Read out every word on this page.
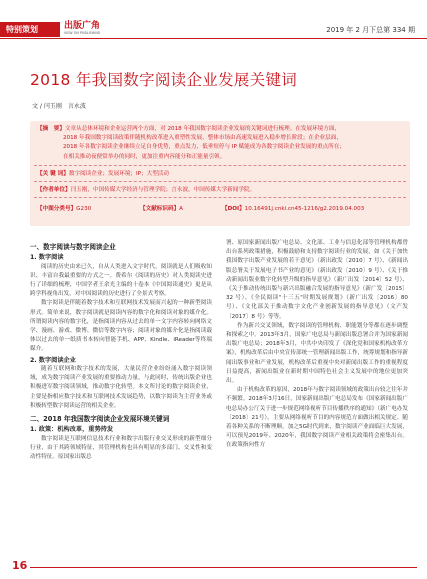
特别策划	出版广角
VIEW ON PUBLISHING	2019 年 2 月下总第 334 期
2018 年我国数字阅读企业发展关键词
文 / 闫玉刚　言永波
【摘　要】文章从总体环境和企业运营两个方面，对 2018 年我国数字阅读企业发展的关键词进行梳理。在发展环境方面，
2018 年我国数字阅读政策伴随机构改革进入重塑性发展，整体市场由高速发展进入稳步增长阶段；在企业层面，
2018 年各数字阅读企业继续立足自身优势，重点发力，低垂短停与 IP 赋能成为各数字阅读企业发展的重点所在；
在相关推动夜便常举办的同时，更加注重内容能分和正能量引领。
【关 键 词】数字阅读企业；发展环境；IP；大型活动
【作者单位】闫玉刚，中国传媒大学经济与管理学院；言永波，中国传媒大学新闻学院。
【中图分类号】G230	【文献标识码】A	【DOI】10.16491j.cnki.cn45-1216/g2.2019.04.003
一、数字阅读与数字阅读企业
1. 数字阅读

阅读的历史由来已久，自从人类进入文字时代，阅读就是人们吸收知识、丰富自我最重要的方式之一。费希尔《阅读的历史》对人类阅读史进行了详细的梳理，中国学者王余光主编的十卷本《中国阅读通史》更是从跨学科视角出发，对中国阅读的历史进行了全景式考察。

数字阅读是伴随着数字技术和互联网技术发展而兴起的一种新型阅读形式。简单来说，数字阅读就是阅读内容的数字化和阅读对象的媒介化。所谓阅读内容的数字化，是指阅读内容从过去的单一文字内容转向网络文学、漫画、游戏、微博、微信等数字内容；阅读对象的媒介化是指阅读载体以过去的单一纸质书本转向智能手机、APP、Kindle、iReader等终端媒介。

2. 数字阅读企业

随着互联网和数字技术的发展，大量民营企业纷纷涌入数字阅读领域，成为数字阅读产业发展的重要推动力量。与此同时，传统出版企业也积极进军数字阅读领域，推动数字化转型。本文所讨论的数字阅读企业，主要是指相应数字技术和互联网技术发展趋势，以数字阅读为主营业务或积极转型数字阅读运营的相关企业。

二、2018 年我国数字阅读企业发展环境关键词
1. 政策：机构改革，重势持发

数字阅读是互联网信息技术行业和数字出版行业交叉形成的新型细分行业，由于其跨领域特征，其管理机构也具有明显的多部门、交叉性和变动性特征。原国家出版总

署、原国家新闻出版广电总局、文化部、工业与信息化部等管理机构都曾出台系列政策措施，积极鼓励和支持数字阅读行业的发展，如《关于加快我国数字出版产业发展的若干意见》（新出政发〔2010〕7 号）、《新闻出版总署关于发展电子书产业的意见》（新出政发〔2010〕9 号）、《关于推动新闻出版业数字化转型升级的指导意见》（新广出发〔2014〕52 号）、《关于推动传统出版与新兴出版融合发展的指导意见》（新广发〔2015〕32 号）、《全民阅读"十三五"时期发展规划》（新广出发〔2016〕80 号）、《文化部关于推动数字文化产业创新发展的指导意见》（文产发〔2017〕8 号）等等。

作为新兴交叉领域，数字阅读的管理机构、职能划分等都在逐步调整和探索之中。2013年3月，国家广电总局与新闻出版总署合并为国家新闻出版广电总局；2018年3月，中共中央印发了《深化党和国家机构改革方案》，机构改革后由中央宣传部统一管理新闻出版工作，统筹规划和指导新闻出版事业和产业发展，机构改革后重视中央对新闻出版工作的重视程度日益提高，新闻出版业在新时期中国特色社会主义发展中的地位更加突出。

由于机构改革的原因，2018年与数字阅读领域的政策出台较之往年并不频繁。2018年3月16日，国家新闻出版广电总局发布《国家新闻出版广电总局办公厅关于进一步规范网络视听节目传播秩序的通知》（新广电办发〔2018〕21号），主要从网络视听节目的内容规范方面做出相关规定。随着各种关系的不断理顺，加之5G时代到来，数字阅读产业面临巨大发展，可以预见2019年、2020年，我国数字阅读产业相关政策将会密集出台。在政策指向性方

16
